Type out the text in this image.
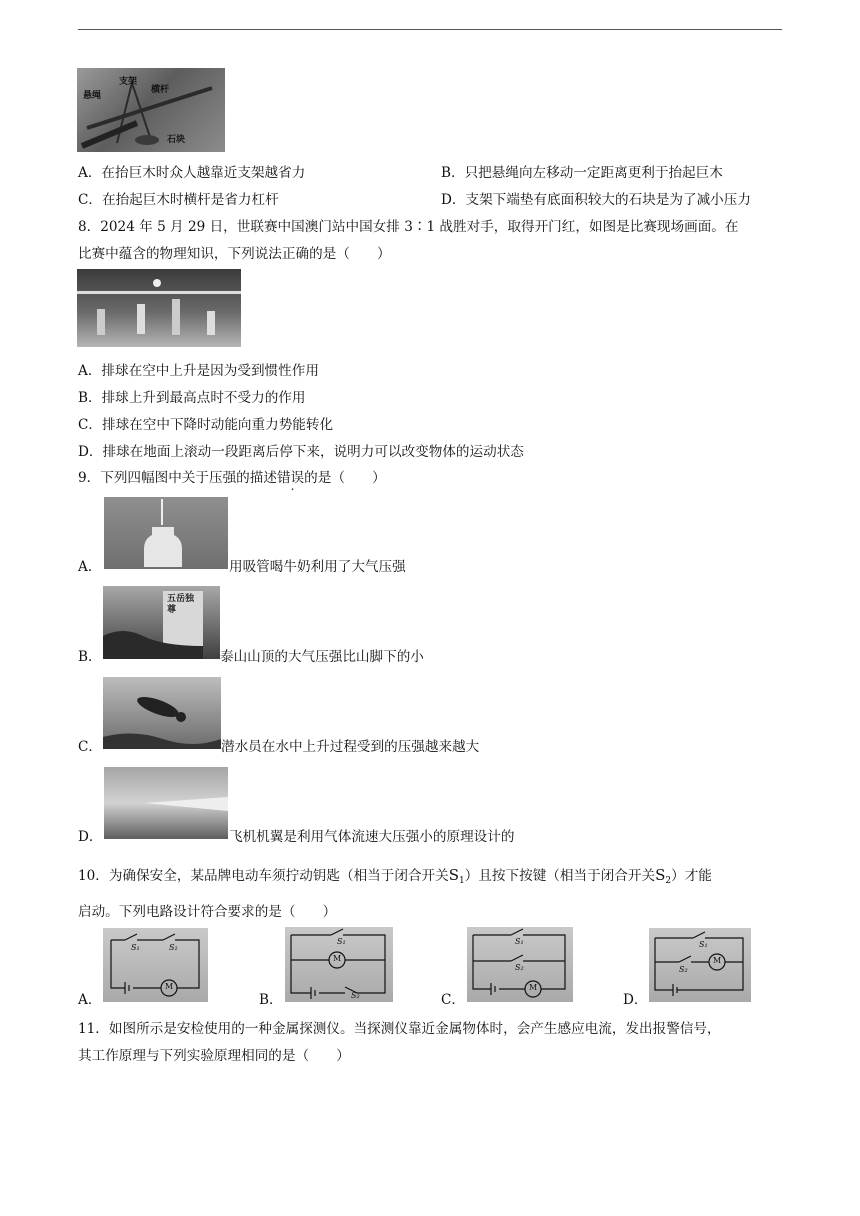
支架
悬绳
横杆
石块
A．在抬巨木时众人越靠近支架越省力	B．只把悬绳向左移动一定距离更利于抬起巨木
C．在抬起巨木时横杆是省力杠杆	D．支架下端垫有底面积较大的石块是为了减小压力
8．2024 年 5 月 29 日，世联赛中国澳门站中国女排 3∶1 战胜对手，取得开门红，如图是比赛现场画面。在
比赛中蕴含的物理知识，下列说法正确的是（　　）
A．排球在空中上升是因为受到惯性作用
B．排球上升到最高点时不受力的作用
C．排球在空中下降时动能向重力势能转化
D．排球在地面上滚动一段距离后停下来，说明力可以改变物体的运动状态
9．下列四幅图中关于压强的描述错误的是（　　）
A．	用吸管喝牛奶利用了大气压强
B．
五岳独尊
泰山山顶的大气压强比山脚下的小
C．	潜水员在水中上升过程受到的压强越来越大
D．	飞机机翼是利用气体流速大压强小的原理设计的
10．为确保安全，某品牌电动车须拧动钥匙（相当于闭合开关$S_1$）且按下按键（相当于闭合开关$S_2$）才能
启动。下列电路设计符合要求的是（　　）
A．
S₁	S₂
M
B．
S₁
M
S₂	C．
S₁
S₂
M
D．
S₁
S₂
M
11．如图所示是安检使用的一种金属探测仪。当探测仪靠近金属物体时，会产生感应电流，发出报警信号，
其工作原理与下列实验原理相同的是（　　）
